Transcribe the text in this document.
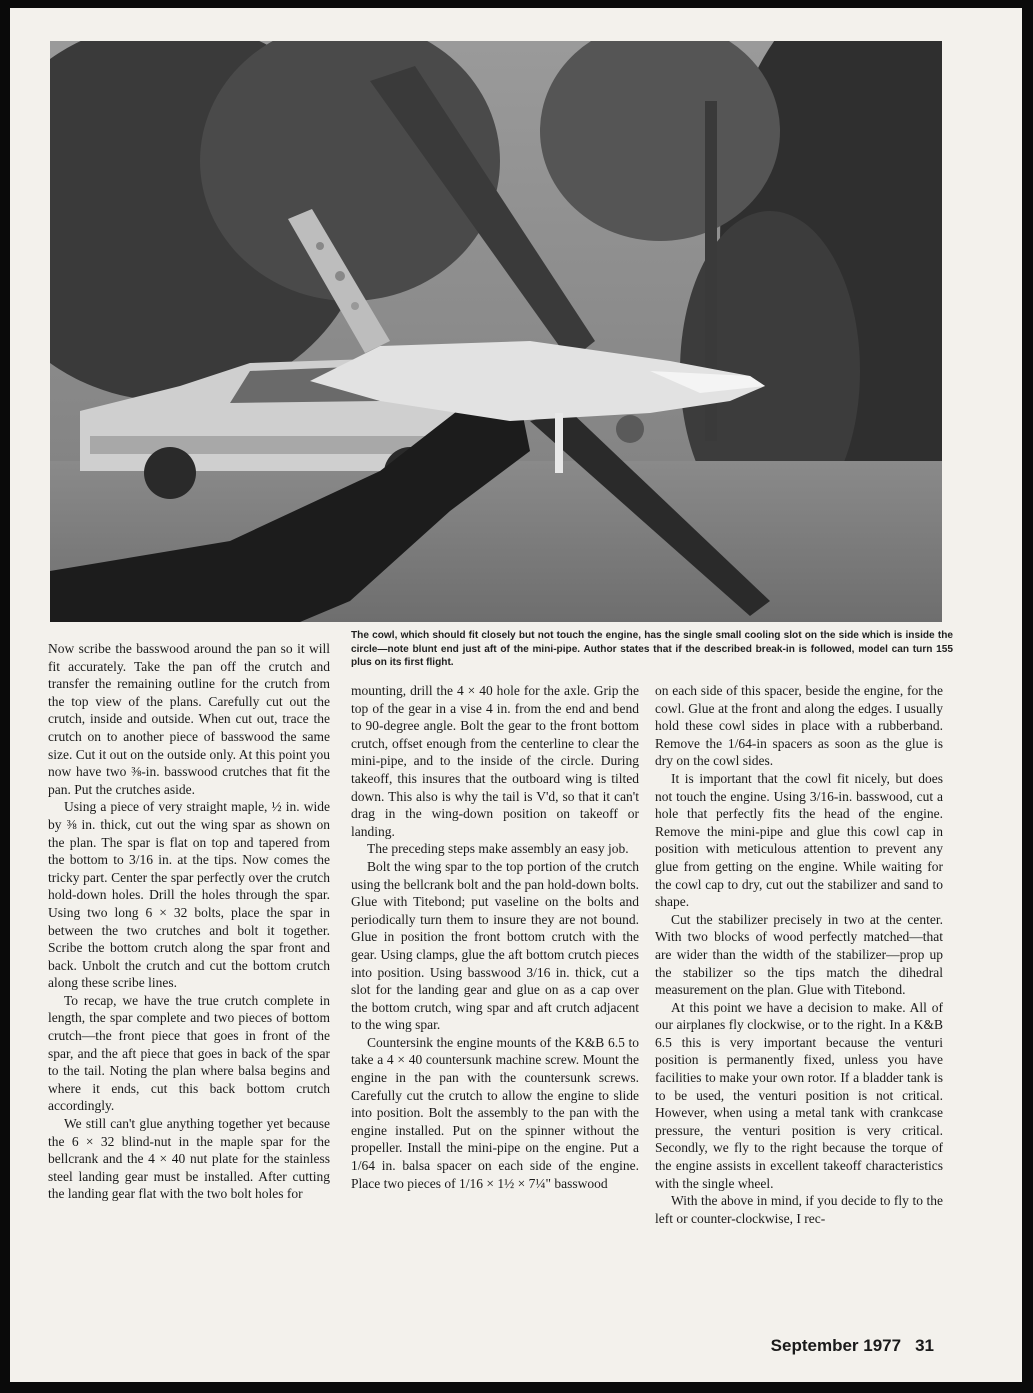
The cowl, which should fit closely but not touch the engine, has the single small cooling slot on the side which is inside the circle—note blunt end just aft of the mini-pipe. Author states that if the described break-in is followed, model can turn 155 plus on its first flight.

Now scribe the basswood around the pan so it will fit accurately. Take the pan off the crutch and transfer the remaining outline for the crutch from the top view of the plans. Carefully cut out the crutch, inside and outside. When cut out, trace the crutch on to another piece of basswood the same size. Cut it out on the outside only. At this point you now have two ⅜-in. basswood crutches that fit the pan. Put the crutches aside.

Using a piece of very straight maple, ½ in. wide by ⅜ in. thick, cut out the wing spar as shown on the plan. The spar is flat on top and tapered from the bottom to 3/16 in. at the tips. Now comes the tricky part. Center the spar perfectly over the crutch hold-down holes. Drill the holes through the spar. Using two long 6 × 32 bolts, place the spar in between the two crutches and bolt it together. Scribe the bottom crutch along the spar front and back. Unbolt the crutch and cut the bottom crutch along these scribe lines.

To recap, we have the true crutch complete in length, the spar complete and two pieces of bottom crutch—the front piece that goes in front of the spar, and the aft piece that goes in back of the spar to the tail. Noting the plan where balsa begins and where it ends, cut this back bottom crutch accordingly.

We still can't glue anything together yet because the 6 × 32 blind-nut in the maple spar for the bellcrank and the 4 × 40 nut plate for the stainless steel landing gear must be installed. After cutting the landing gear flat with the two bolt holes for

mounting, drill the 4 × 40 hole for the axle. Grip the top of the gear in a vise 4 in. from the end and bend to 90-degree angle. Bolt the gear to the front bottom crutch, offset enough from the centerline to clear the mini-pipe, and to the inside of the circle. During takeoff, this insures that the outboard wing is tilted down. This also is why the tail is V'd, so that it can't drag in the wing-down position on takeoff or landing.

The preceding steps make assembly an easy job.

Bolt the wing spar to the top portion of the crutch using the bellcrank bolt and the pan hold-down bolts. Glue with Titebond; put vaseline on the bolts and periodically turn them to insure they are not bound. Glue in position the front bottom crutch with the gear. Using clamps, glue the aft bottom crutch pieces into position. Using basswood 3/16 in. thick, cut a slot for the landing gear and glue on as a cap over the bottom crutch, wing spar and aft crutch adjacent to the wing spar.

Countersink the engine mounts of the K&B 6.5 to take a 4 × 40 countersunk machine screw. Mount the engine in the pan with the countersunk screws. Carefully cut the crutch to allow the engine to slide into position. Bolt the assembly to the pan with the engine installed. Put on the spinner without the propeller. Install the mini-pipe on the engine. Put a 1/64 in. balsa spacer on each side of the engine. Place two pieces of 1/16 × 1½ × 7¼" basswood

on each side of this spacer, beside the engine, for the cowl. Glue at the front and along the edges. I usually hold these cowl sides in place with a rubberband. Remove the 1/64-in spacers as soon as the glue is dry on the cowl sides.

It is important that the cowl fit nicely, but does not touch the engine. Using 3/16-in. basswood, cut a hole that perfectly fits the head of the engine. Remove the mini-pipe and glue this cowl cap in position with meticulous attention to prevent any glue from getting on the engine. While waiting for the cowl cap to dry, cut out the stabilizer and sand to shape.

Cut the stabilizer precisely in two at the center. With two blocks of wood perfectly matched—that are wider than the width of the stabilizer—prop up the stabilizer so the tips match the dihedral measurement on the plan. Glue with Titebond.

At this point we have a decision to make. All of our airplanes fly clockwise, or to the right. In a K&B 6.5 this is very important because the venturi position is permanently fixed, unless you have facilities to make your own rotor. If a bladder tank is to be used, the venturi position is not critical. However, when using a metal tank with crankcase pressure, the venturi position is very critical. Secondly, we fly to the right because the torque of the engine assists in excellent takeoff characteristics with the single wheel.

With the above in mind, if you decide to fly to the left or counter-clockwise, I rec-

September 1977 31
